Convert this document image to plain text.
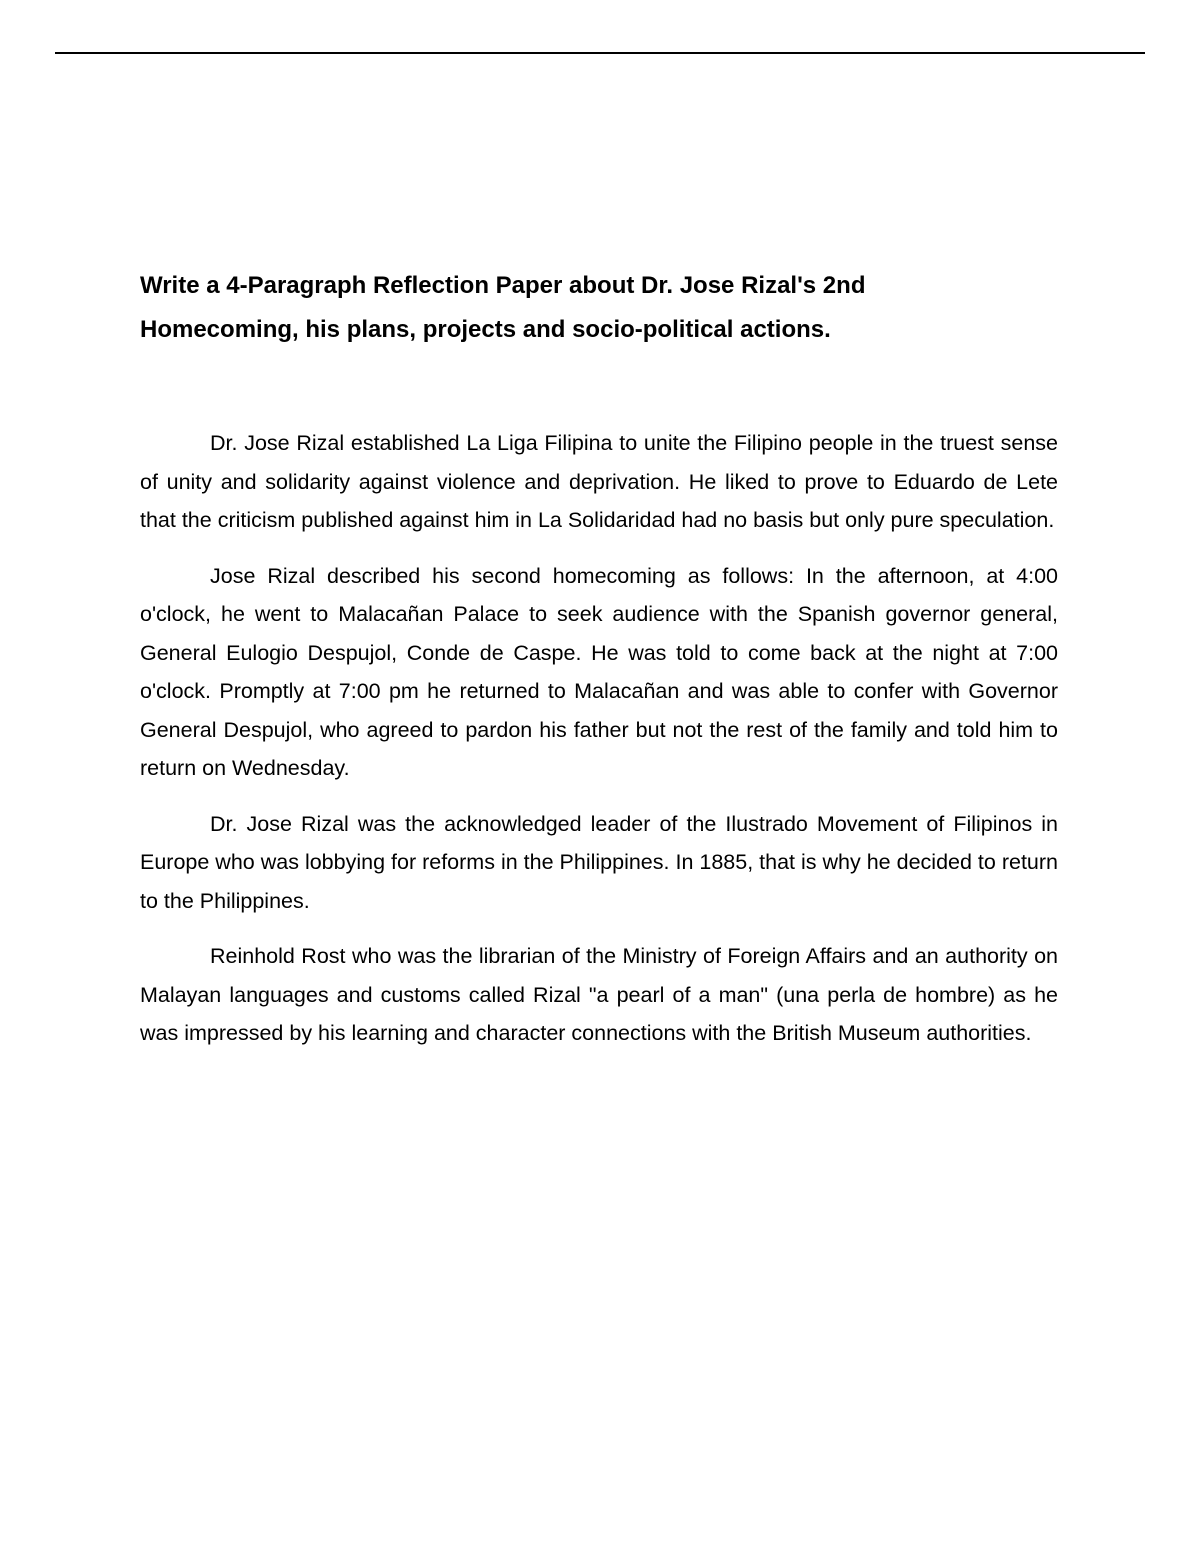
Write a 4-Paragraph Reflection Paper about Dr. Jose Rizal's 2nd
Homecoming, his plans, projects and socio-political actions.

Dr. Jose Rizal established La Liga Filipina to unite the Filipino people in the truest sense of unity and solidarity against violence and deprivation. He liked to prove to Eduardo de Lete that the criticism published against him in La Solidaridad had no basis but only pure speculation.

Jose Rizal described his second homecoming as follows: In the afternoon, at 4:00 o'clock, he went to Malacañan Palace to seek audience with the Spanish governor general, General Eulogio Despujol, Conde de Caspe. He was told to come back at the night at 7:00 o'clock. Promptly at 7:00 pm he returned to Malacañan and was able to confer with Governor General Despujol, who agreed to pardon his father but not the rest of the family and told him to return on Wednesday.

Dr. Jose Rizal was the acknowledged leader of the Ilustrado Movement of Filipinos in Europe who was lobbying for reforms in the Philippines. In 1885, that is why he decided to return to the Philippines.

Reinhold Rost who was the librarian of the Ministry of Foreign Affairs and an authority on Malayan languages and customs called Rizal "a pearl of a man" (una perla de hombre) as he was impressed by his learning and character connections with the British Museum authorities.
